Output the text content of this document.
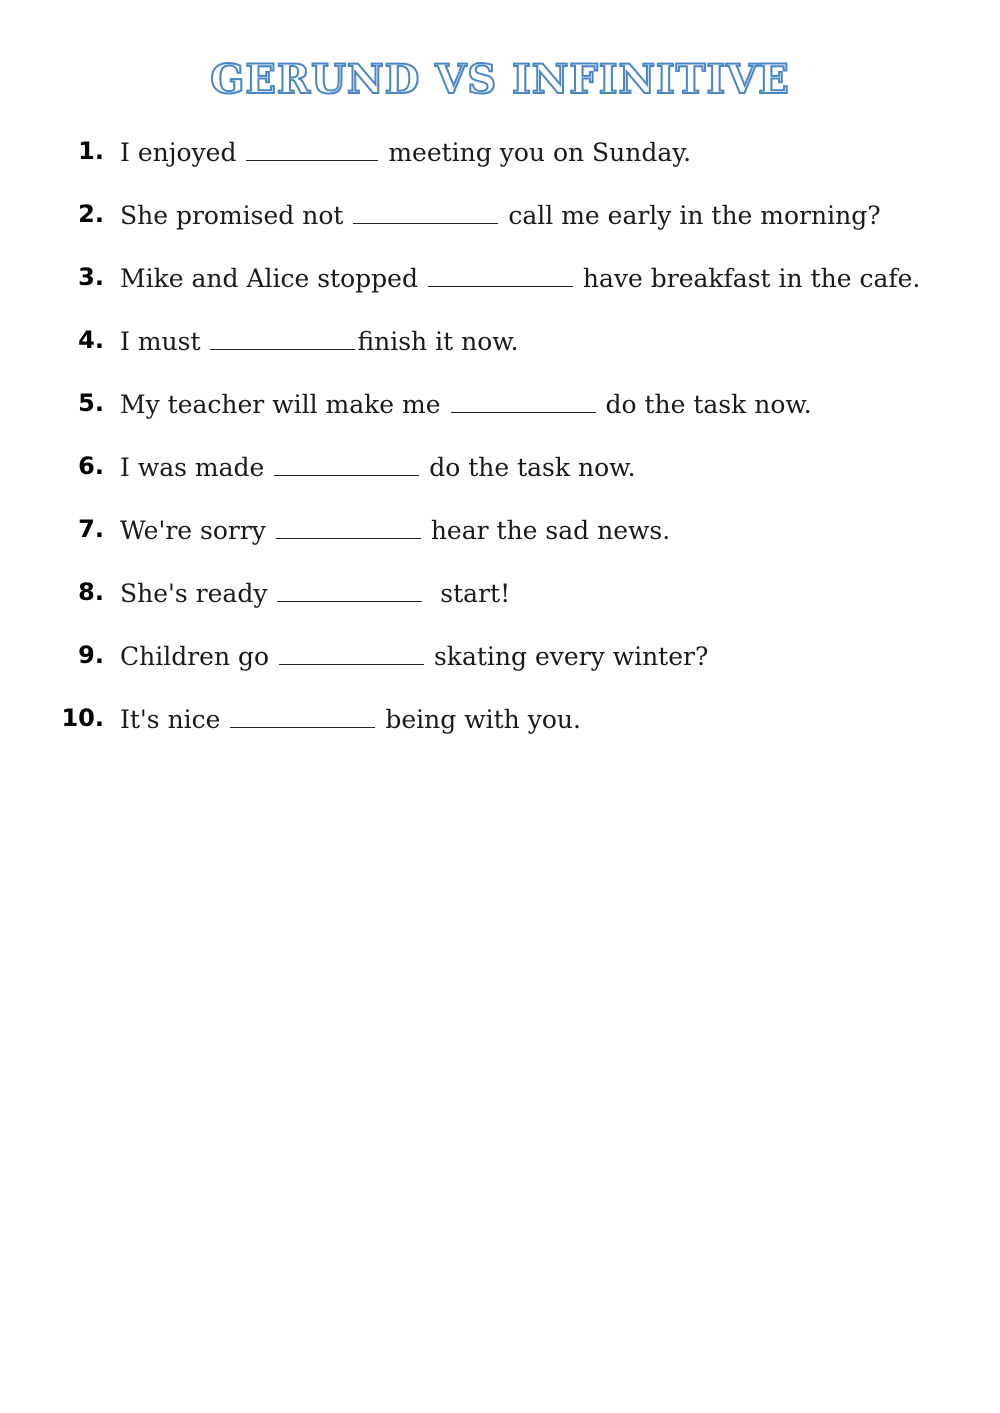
GERUND VS INFINITIVE
1. I enjoyed	meeting you on Sunday.
2. She promised not	call me early in the morning?
3. Mike and Alice stopped	have breakfast in the cafe.
4. I must	finish it now.
5. My teacher will make me	do the task now.
6. I was made	do the task now.
7. We're sorry	hear the sad news.
8. She's ready	start!
9. Children go	skating every winter?
10. It's nice	being with you.
